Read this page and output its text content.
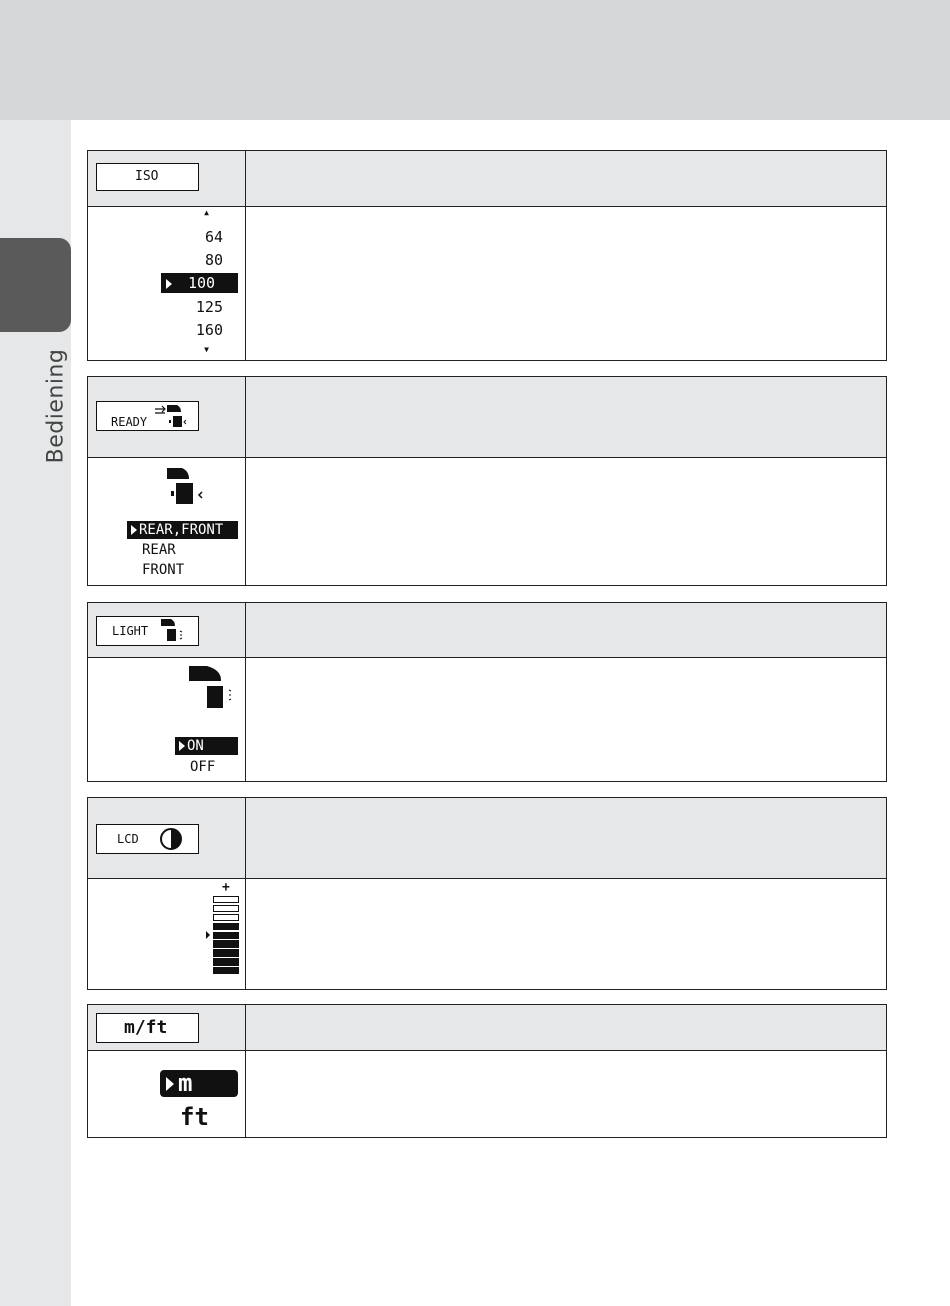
Bediening
ISO
▲
64
80
100
125
160
▼
READY
REAR,FRONT
REAR
FRONT
LIGHT
ON
OFF
LCD
+
m/ft
m
ft
